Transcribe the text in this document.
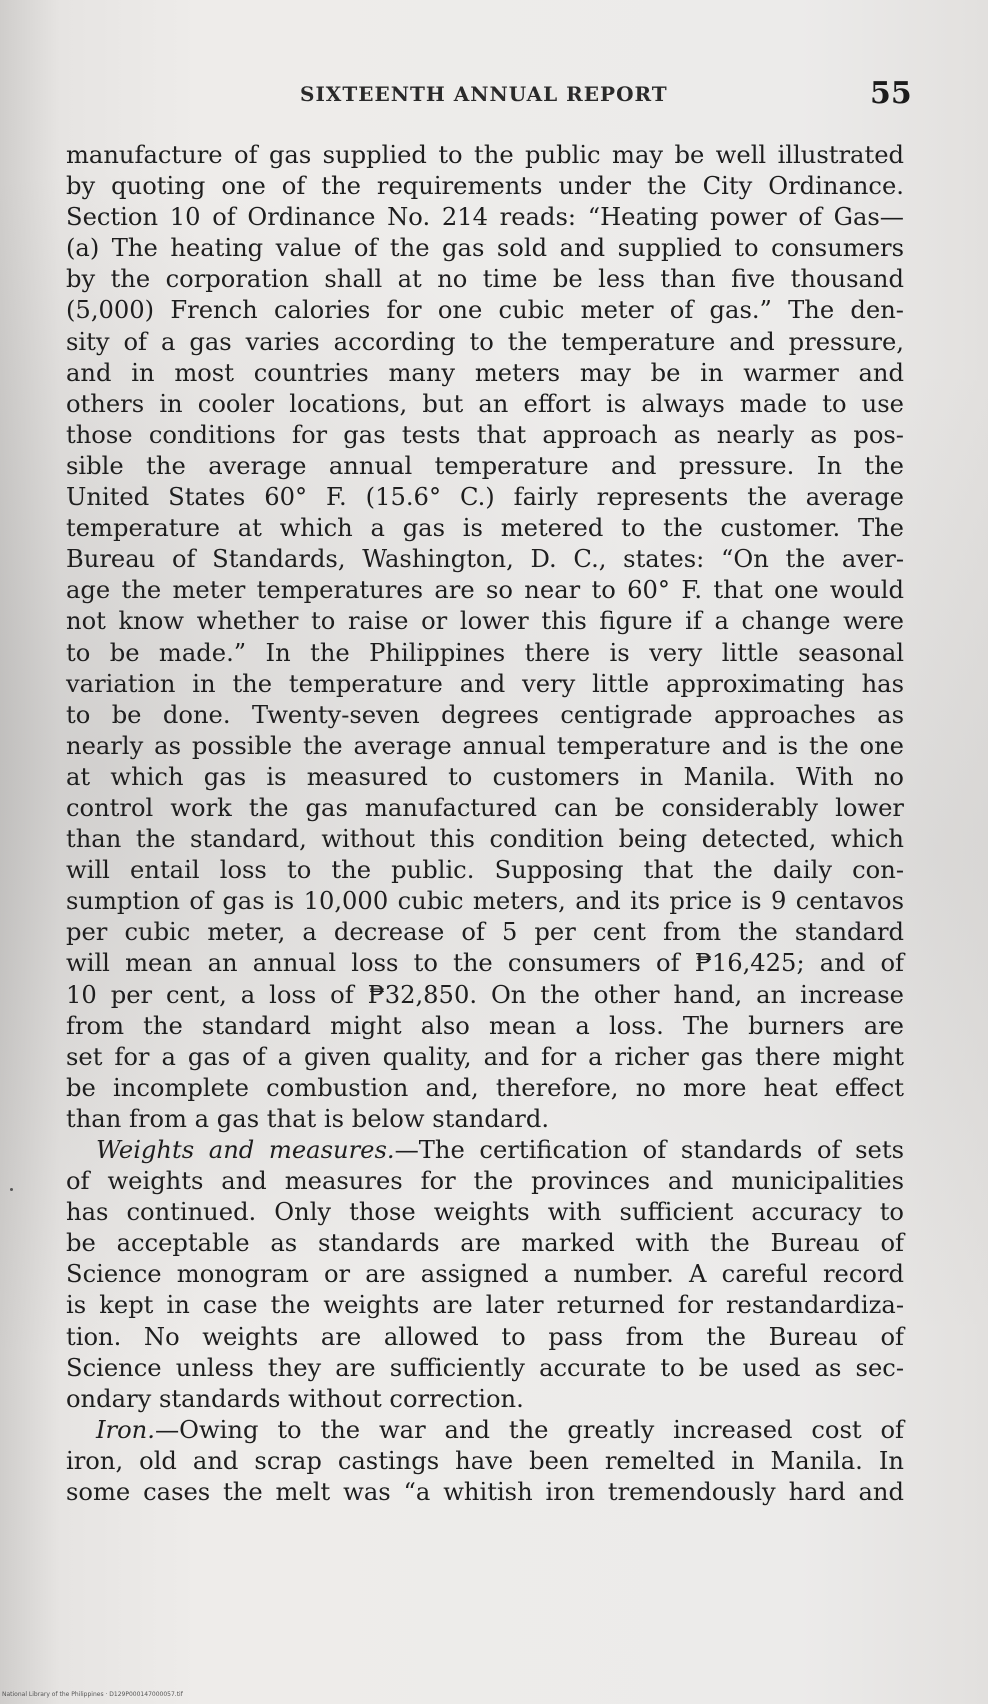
SIXTEENTH ANNUAL REPORT	55
manufacture of gas supplied to the public may be well illustrated
by quoting one of the requirements under the City Ordinance.
Section 10 of Ordinance No. 214 reads: “Heating power of Gas—
(a) The heating value of the gas sold and supplied to consumers
by the corporation shall at no time be less than five thousand
(5,000) French calories for one cubic meter of gas.” The den-
sity of a gas varies according to the temperature and pressure,
and in most countries many meters may be in warmer and
others in cooler locations, but an effort is always made to use
those conditions for gas tests that approach as nearly as pos-
sible the average annual temperature and pressure. In the
United States 60° F. (15.6° C.) fairly represents the average
temperature at which a gas is metered to the customer. The
Bureau of Standards, Washington, D. C., states: “On the aver-
age the meter temperatures are so near to 60° F. that one would
not know whether to raise or lower this figure if a change were
to be made.” In the Philippines there is very little seasonal
variation in the temperature and very little approximating has
to be done. Twenty-seven degrees centigrade approaches as
nearly as possible the average annual temperature and is the one
at which gas is measured to customers in Manila. With no
control work the gas manufactured can be considerably lower
than the standard, without this condition being detected, which
will entail loss to the public. Supposing that the daily con-
sumption of gas is 10,000 cubic meters, and its price is 9 centavos
per cubic meter, a decrease of 5 per cent from the standard
will mean an annual loss to the consumers of ₱16,425; and of
10 per cent, a loss of ₱32,850. On the other hand, an increase
from the standard might also mean a loss. The burners are
set for a gas of a given quality, and for a richer gas there might
be incomplete combustion and, therefore, no more heat effect
than from a gas that is below standard.
Weights and measures.—The certification of standards of sets
of weights and measures for the provinces and municipalities
has continued. Only those weights with sufficient accuracy to
be acceptable as standards are marked with the Bureau of
Science monogram or are assigned a number. A careful record
is kept in case the weights are later returned for restandardiza-
tion. No weights are allowed to pass from the Bureau of
Science unless they are sufficiently accurate to be used as sec-
ondary standards without correction.
Iron.—Owing to the war and the greatly increased cost of
iron, old and scrap castings have been remelted in Manila. In
some cases the melt was “a whitish iron tremendously hard and
National Library of the Philippines · D129P000147000057.tif
